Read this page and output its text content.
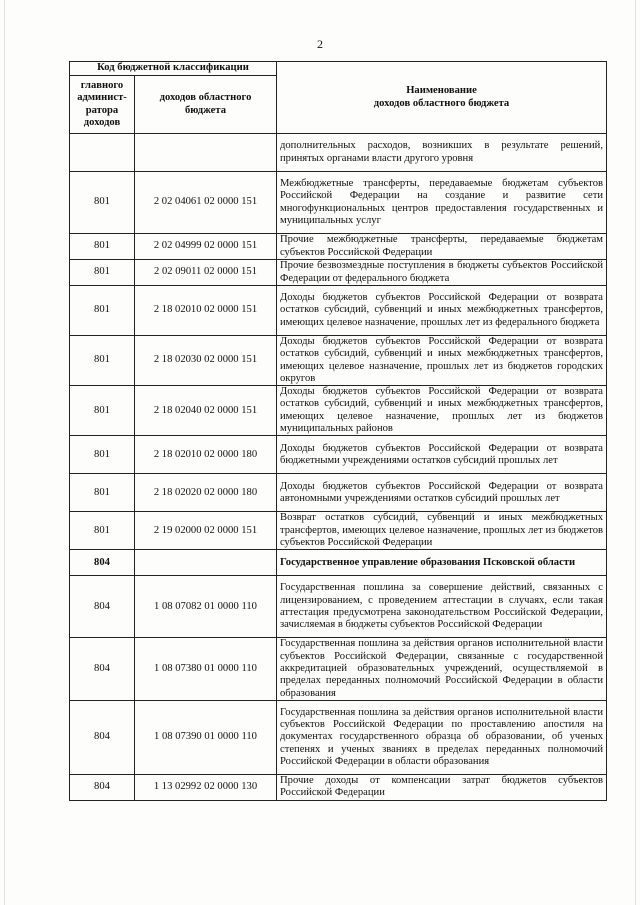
2
Код бюджетной классификации		Наименование
доходов областного бюджета

главного админист-ратора доходов	доходов областного бюджета	
		дополнительных расходов, возникших в результате решений, принятых органами власти другого уровня
801	2 02 04061 02 0000 151	Межбюджетные трансферты, передаваемые бюджетам субъектов Российской Федерации на создание и развитие сети многофункциональных центров предоставления государственных и муниципальных услуг
801	2 02 04999 02 0000 151	Прочие межбюджетные трансферты, передаваемые бюджетам субъектов Российской Федерации
801	2 02 09011 02 0000 151	Прочие безвозмездные поступления в бюджеты субъектов Российской Федерации от федерального бюджета
801	2 18 02010 02 0000 151	Доходы бюджетов субъектов Российской Федерации от возврата остатков субсидий, субвенций и иных межбюджетных трансфертов, имеющих целевое назначение, прошлых лет из федерального бюджета
801	2 18 02030 02 0000 151	Доходы бюджетов субъектов Российской Федерации от возврата остатков субсидий, субвенций и иных межбюджетных трансфертов, имеющих целевое назначение, прошлых лет из бюджетов городских округов
801	2 18 02040 02 0000 151	Доходы бюджетов субъектов Российской Федерации от возврата остатков субсидий, субвенций и иных межбюджетных трансфертов, имеющих целевое назначение, прошлых лет из бюджетов муниципальных районов
801	2 18 02010 02 0000 180	Доходы бюджетов субъектов Российской Федерации от возврата бюджетными учреждениями остатков субсидий прошлых лет
801	2 18 02020 02 0000 180	Доходы бюджетов субъектов Российской Федерации от возврата автономными учреждениями остатков субсидий прошлых лет
801	2 19 02000 02 0000 151	Возврат остатков субсидий, субвенций и иных межбюджетных трансфертов, имеющих целевое назначение, прошлых лет из бюджетов субъектов Российской Федерации
804		Государственное управление образования Псковской области
804	1 08 07082 01 0000 110	Государственная пошлина за совершение действий, связанных с лицензированием, с проведением аттестации в случаях, если такая аттестация предусмотрена законодательством Российской Федерации, зачисляемая в бюджеты субъектов Российской Федерации
804	1 08 07380 01 0000 110	Государственная пошлина за действия органов исполнительной власти субъектов Российской Федерации, связанные с государственной аккредитацией образовательных учреждений, осуществляемой в пределах переданных полномочий Российской Федерации в области образования
804	1 08 07390 01 0000 110	Государственная пошлина за действия органов исполнительной власти субъектов Российской Федерации по проставлению апостиля на документах государственного образца об образовании, об ученых степенях и ученых званиях в пределах переданных полномочий Российской Федерации в области образования
804	1 13 02992 02 0000 130	Прочие доходы от компенсации затрат бюджетов субъектов Российской Федерации
